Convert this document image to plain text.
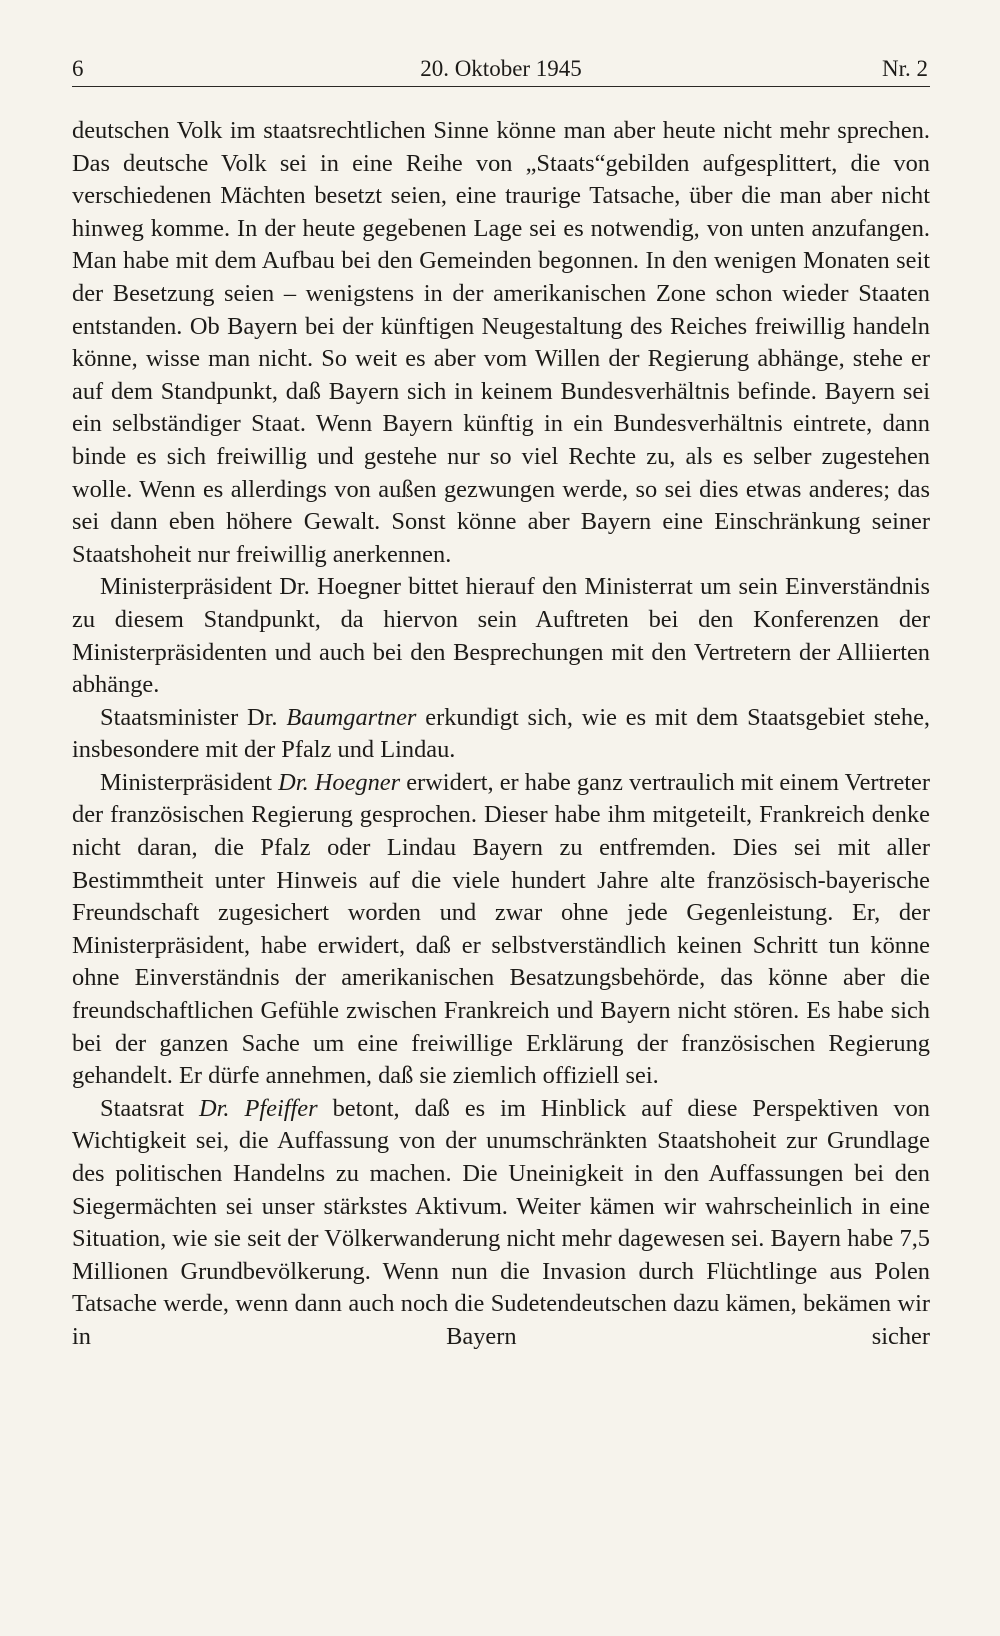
6	20. Oktober 1945	Nr. 2

deutschen Volk im staatsrechtlichen Sinne könne man aber heute nicht mehr sprechen. Das deutsche Volk sei in eine Reihe von „Staats“gebilden aufgesplittert, die von verschiedenen Mächten besetzt seien, eine traurige Tatsache, über die man aber nicht hinweg komme. In der heute gegebenen Lage sei es notwendig, von unten anzufangen. Man habe mit dem Aufbau bei den Gemeinden begonnen. In den wenigen Monaten seit der Besetzung seien – wenigstens in der amerikanischen Zone schon wieder Staaten entstanden. Ob Bayern bei der künftigen Neugestaltung des Reiches freiwillig handeln könne, wisse man nicht. So weit es aber vom Willen der Regierung abhänge, stehe er auf dem Standpunkt, daß Bayern sich in keinem Bundesverhältnis befinde. Bayern sei ein selbständiger Staat. Wenn Bayern künftig in ein Bundesverhältnis eintrete, dann binde es sich freiwillig und gestehe nur so viel Rechte zu, als es selber zugestehen wolle. Wenn es allerdings von außen gezwungen werde, so sei dies etwas anderes; das sei dann eben höhere Gewalt. Sonst könne aber Bayern eine Einschränkung seiner Staatshoheit nur freiwillig anerkennen.

Ministerpräsident Dr. Hoegner bittet hierauf den Ministerrat um sein Einverständnis zu diesem Standpunkt, da hiervon sein Auftreten bei den Konferenzen der Ministerpräsidenten und auch bei den Besprechungen mit den Vertretern der Alliierten abhänge.

Staatsminister Dr. Baumgartner erkundigt sich, wie es mit dem Staatsgebiet stehe, insbesondere mit der Pfalz und Lindau.

Ministerpräsident Dr. Hoegner erwidert, er habe ganz vertraulich mit einem Vertreter der französischen Regierung gesprochen. Dieser habe ihm mitgeteilt, Frankreich denke nicht daran, die Pfalz oder Lindau Bayern zu entfremden. Dies sei mit aller Bestimmtheit unter Hinweis auf die viele hundert Jahre alte französisch-bayerische Freundschaft zugesichert worden und zwar ohne jede Gegenleistung. Er, der Ministerpräsident, habe erwidert, daß er selbstverständlich keinen Schritt tun könne ohne Einverständnis der amerikanischen Besatzungsbehörde, das könne aber die freundschaftlichen Gefühle zwischen Frankreich und Bayern nicht stören. Es habe sich bei der ganzen Sache um eine freiwillige Erklärung der französischen Regierung gehandelt. Er dürfe annehmen, daß sie ziemlich offiziell sei.

Staatsrat Dr. Pfeiffer betont, daß es im Hinblick auf diese Perspektiven von Wichtigkeit sei, die Auffassung von der unumschränkten Staatshoheit zur Grundlage des politischen Handelns zu machen. Die Uneinigkeit in den Auffassungen bei den Siegermächten sei unser stärkstes Aktivum. Weiter kämen wir wahrscheinlich in eine Situation, wie sie seit der Völkerwanderung nicht mehr dagewesen sei. Bayern habe 7,5 Millionen Grundbevölkerung. Wenn nun die Invasion durch Flüchtlinge aus Polen Tatsache werde, wenn dann auch noch die Sudetendeutschen dazu kämen, bekämen wir in Bayern sicher
